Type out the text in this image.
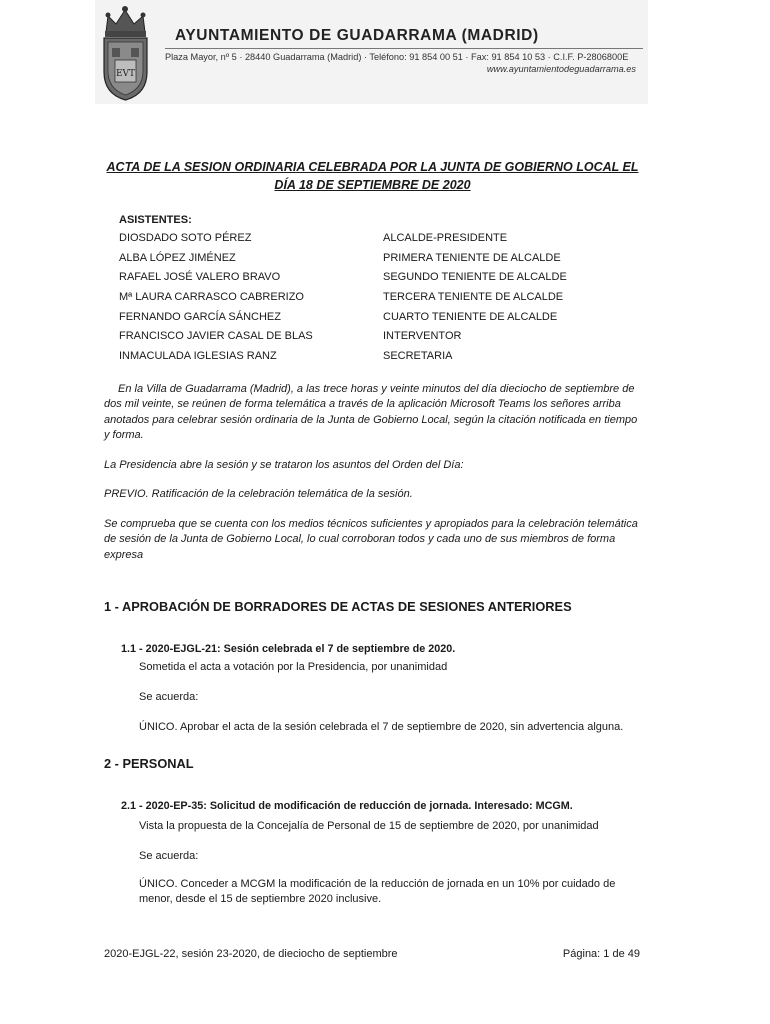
EVT
AYUNTAMIENTO DE GUADARRAMA (MADRID)
Plaza Mayor, nº 5 · 28440 Guadarrama (Madrid) · Teléfono: 91 854 00 51 · Fax: 91 854 10 53 · C.I.F. P-2806800E
www.ayuntamientodeguadarrama.es
ACTA DE LA SESION ORDINARIA CELEBRADA POR LA JUNTA DE GOBIERNO LOCAL EL
DÍA 18 DE SEPTIEMBRE DE 2020
ASISTENTES:
DIOSDADO SOTO PÉREZ	ALCALDE-PRESIDENTE
ALBA LÓPEZ JIMÉNEZ	PRIMERA TENIENTE DE ALCALDE
RAFAEL JOSÉ VALERO BRAVO	SEGUNDO TENIENTE DE ALCALDE
Mª LAURA CARRASCO CABRERIZO	TERCERA TENIENTE DE ALCALDE
FERNANDO GARCÍA SÁNCHEZ	CUARTO TENIENTE DE ALCALDE
FRANCISCO JAVIER CASAL DE BLAS	INTERVENTOR
INMACULADA IGLESIAS RANZ	SECRETARIA
En la Villa de Guadarrama (Madrid), a las trece horas y veinte minutos del día dieciocho de septiembre de dos mil veinte, se reúnen de forma telemática a través de la aplicación Microsoft Teams los señores arriba anotados para celebrar sesión ordinaria de la Junta de Gobierno Local, según la citación notificada en tiempo y forma.
La Presidencia abre la sesión y se trataron los asuntos del Orden del Día:
PREVIO. Ratificación de la celebración telemática de la sesión.
Se comprueba que se cuenta con los medios técnicos suficientes y apropiados para la celebración telemática de sesión de la Junta de Gobierno Local, lo cual corroboran todos y cada uno de sus miembros de forma expresa
1 - APROBACIÓN DE BORRADORES DE ACTAS DE SESIONES ANTERIORES
1.1 - 2020-EJGL-21: Sesión celebrada el 7 de septiembre de 2020.
Sometida el acta a votación por la Presidencia, por unanimidad
Se acuerda:
ÚNICO. Aprobar el acta de la sesión celebrada el 7 de septiembre de 2020, sin advertencia alguna.
2 - PERSONAL
2.1 - 2020-EP-35: Solicitud de modificación de reducción de jornada. Interesado: MCGM.
Vista la propuesta de la Concejalía de Personal de 15 de septiembre de 2020, por unanimidad
Se acuerda:
ÚNICO. Conceder a MCGM la modificación de la reducción de jornada en un 10% por cuidado de menor, desde el 15 de septiembre 2020 inclusive.
2020-EJGL-22, sesión 23-2020, de dieciocho de septiembre	Página: 1 de 49
